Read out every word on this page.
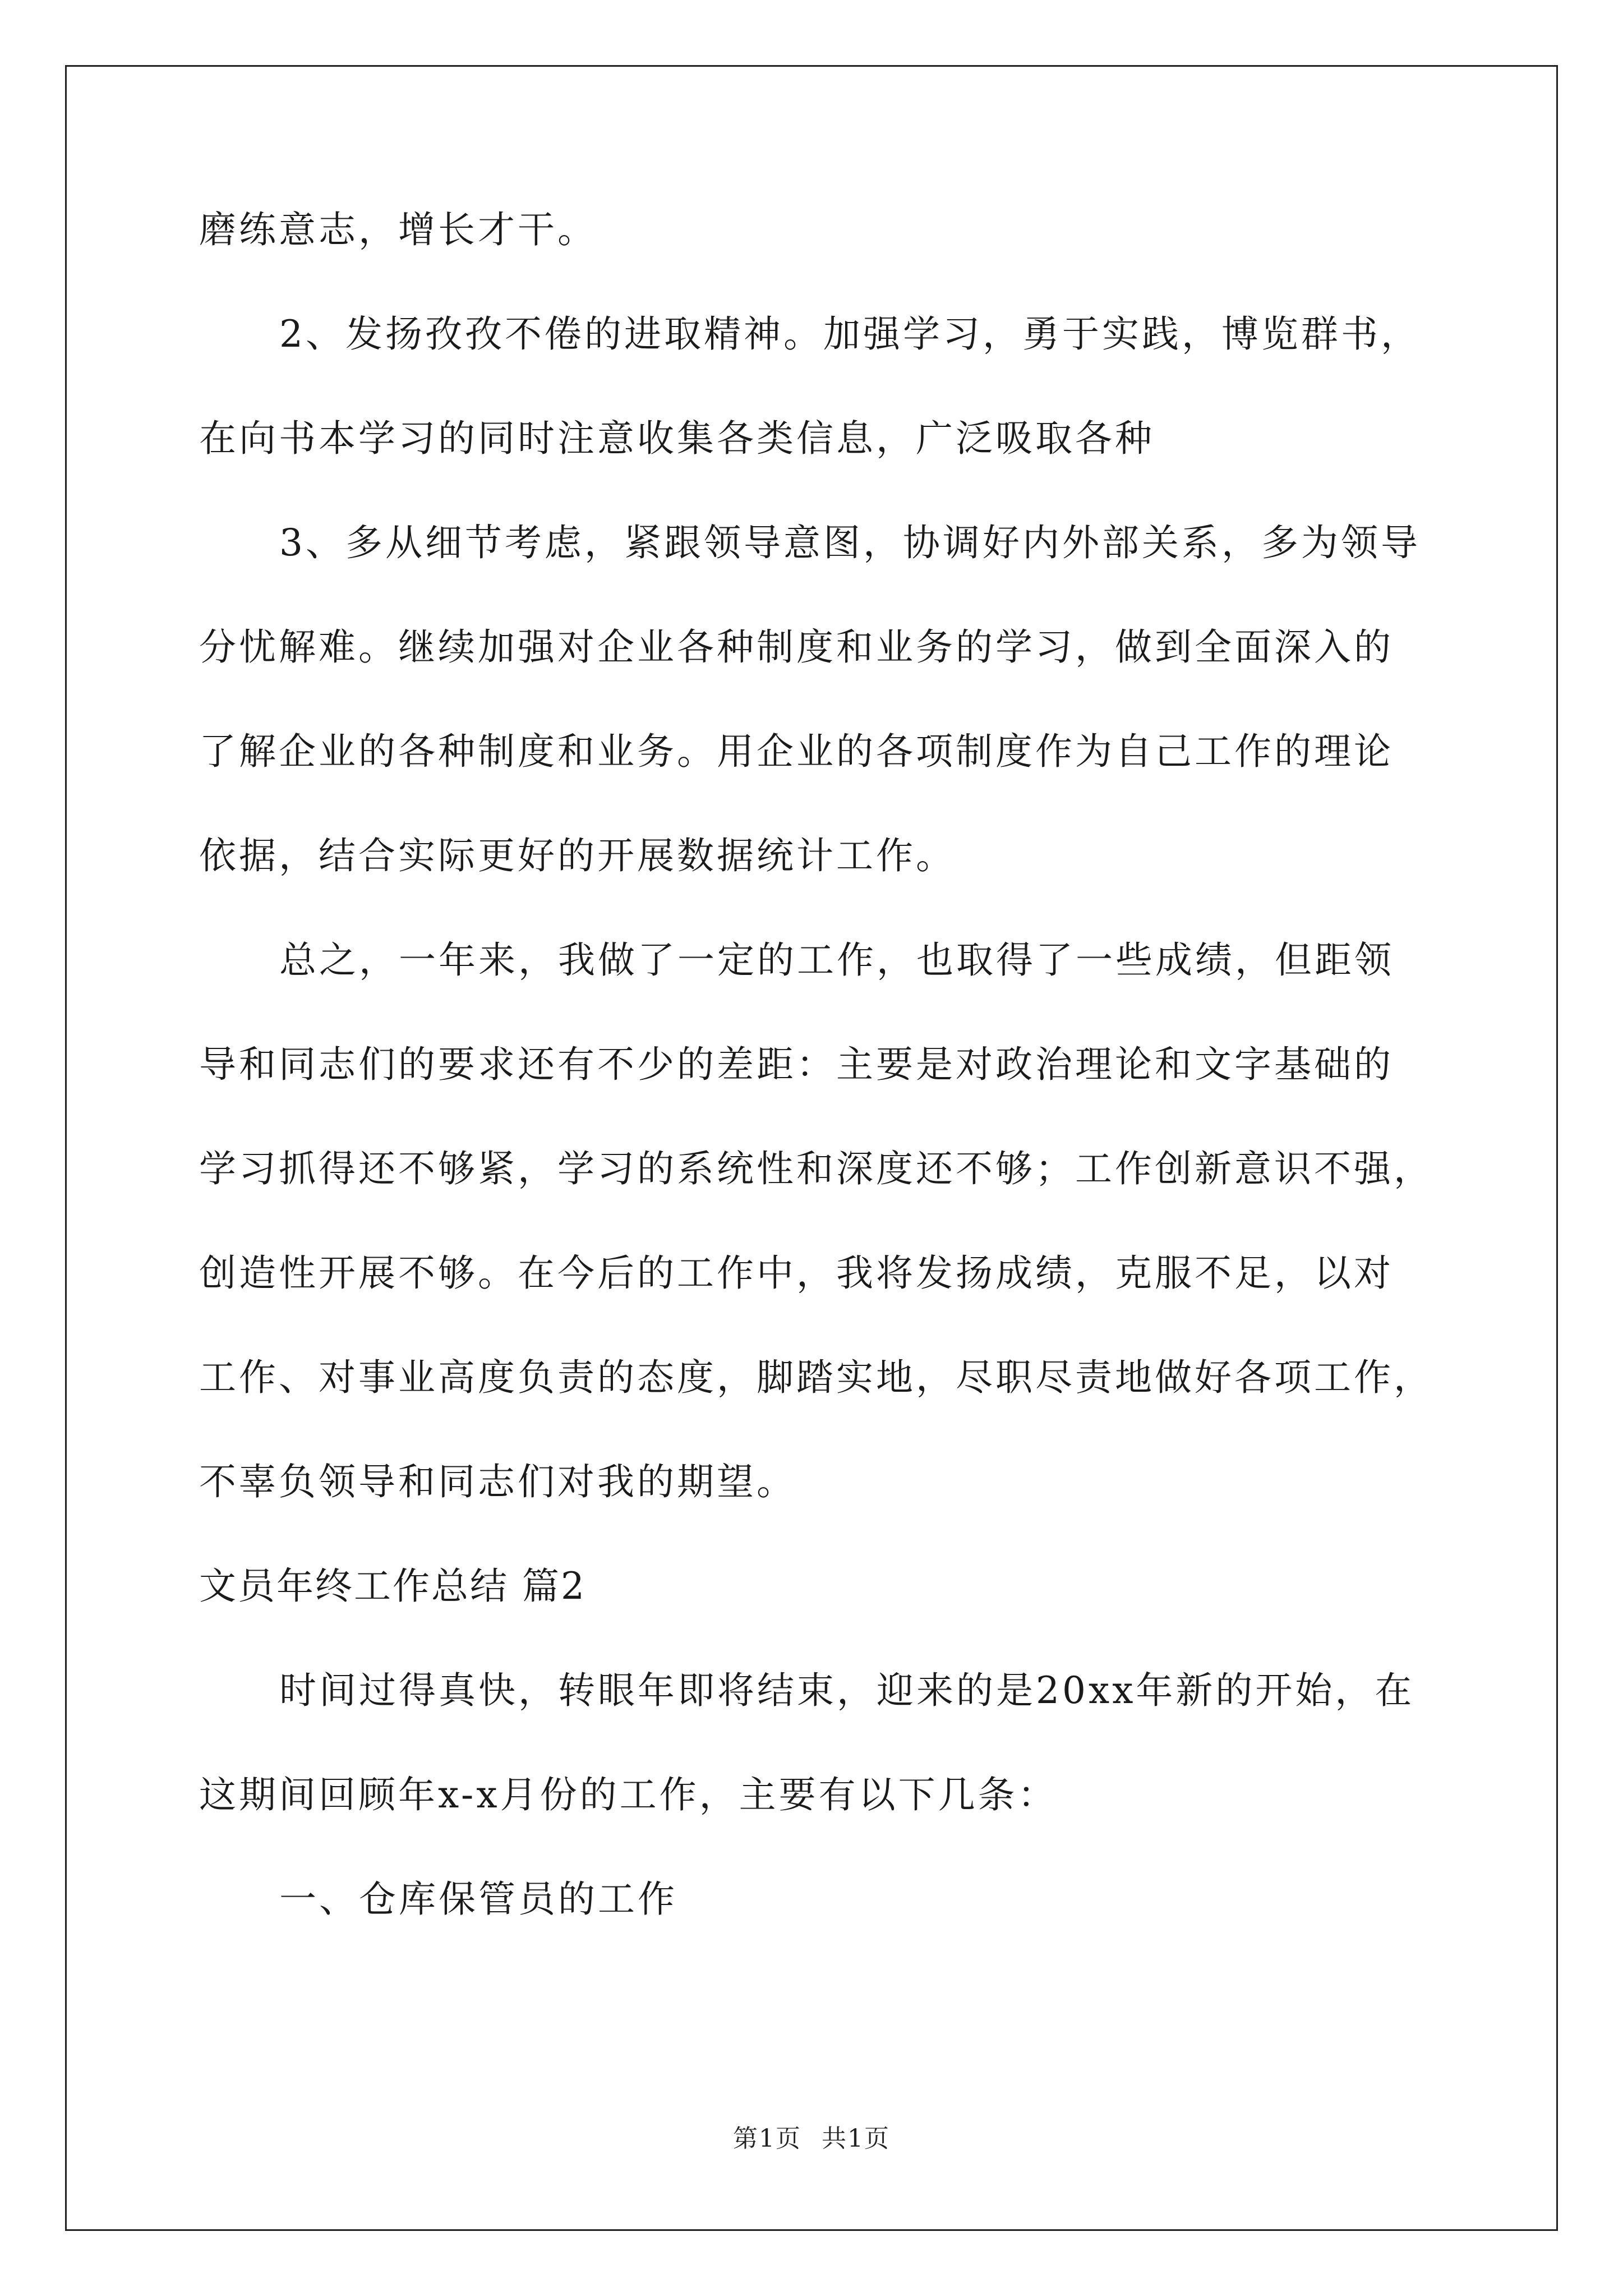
磨练意志，增长才干。
2、发扬孜孜不倦的进取精神。加强学习，勇于实践，博览群书，
在向书本学习的同时注意收集各类信息，广泛吸取各种
3、多从细节考虑，紧跟领导意图，协调好内外部关系，多为领导
分忧解难。继续加强对企业各种制度和业务的学习，做到全面深入的
了解企业的各种制度和业务。用企业的各项制度作为自己工作的理论
依据，结合实际更好的开展数据统计工作。
总之，一年来，我做了一定的工作，也取得了一些成绩，但距领
导和同志们的要求还有不少的差距：主要是对政治理论和文字基础的
学习抓得还不够紧，学习的系统性和深度还不够；工作创新意识不强，
创造性开展不够。在今后的工作中，我将发扬成绩，克服不足，以对
工作、对事业高度负责的态度，脚踏实地，尽职尽责地做好各项工作，
不辜负领导和同志们对我的期望。
文员年终工作总结 篇2
时间过得真快，转眼年即将结束，迎来的是20xx年新的开始，在
这期间回顾年x-x月份的工作，主要有以下几条：
一、仓库保管员的工作
第1页 共1页
